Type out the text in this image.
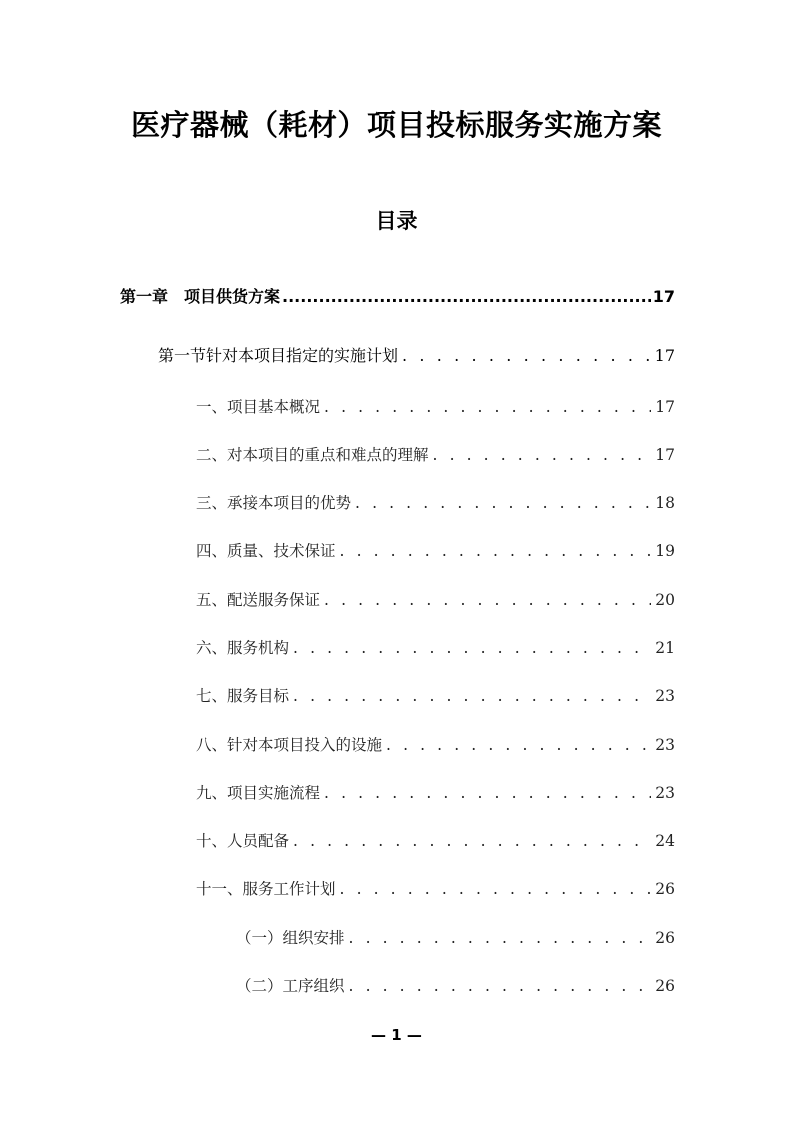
医疗器械（耗材）项目投标服务实施方案
目录
第一章　项目供货方案 .....	17
第一节针对本项目指定的实施计划 . . .	17
一、项目基本概况 . . .	17
二、对本项目的重点和难点的理解 . . .	17
三、承接本项目的优势 . . .	18
四、质量、技术保证 . . .	19
五、配送服务保证 . . .	20
六、服务机构 . . .	21
七、服务目标 . . .	23
八、针对本项目投入的设施 . . .	23
九、项目实施流程 . . .	23
十、人员配备 . . .	24
十一、服务工作计划 . . .	26
（一）组织安排 . . .	26
（二）工序组织 . . .	26
— 1 —
